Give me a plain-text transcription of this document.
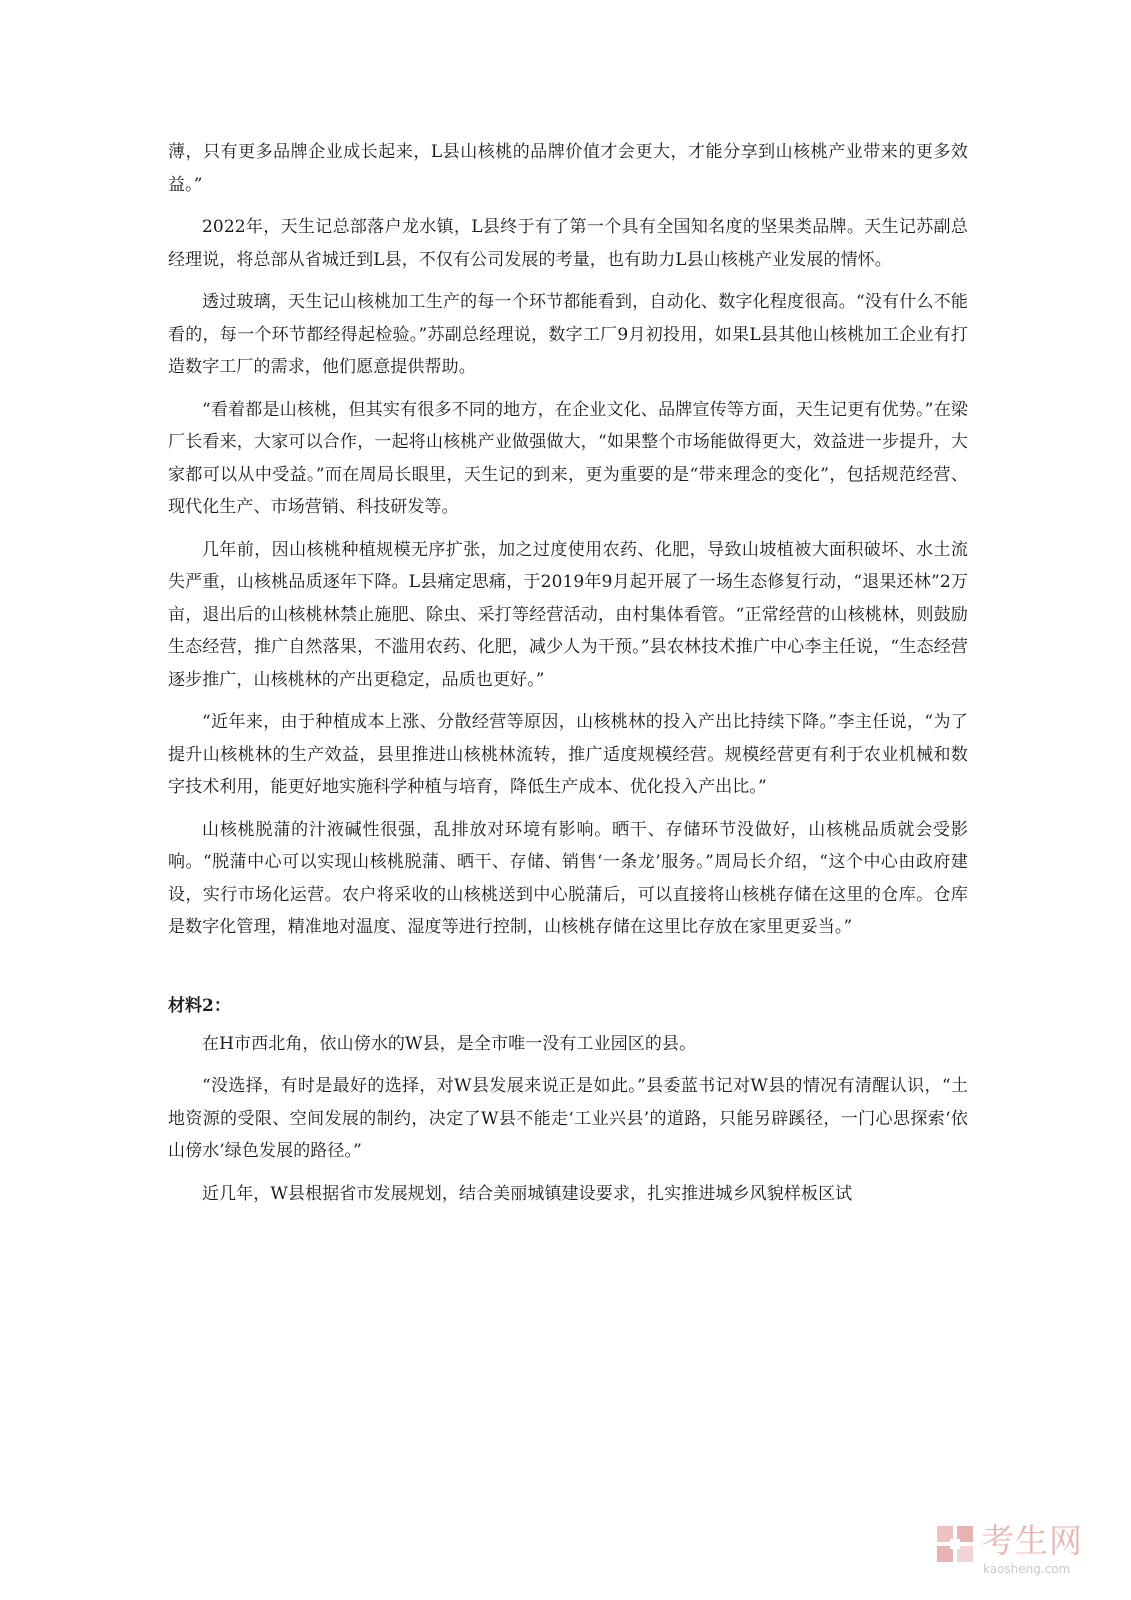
薄，只有更多品牌企业成长起来，L县山核桃的品牌价值才会更大，才能分享到山核桃产业带来的更多效益。”

2022年，天生记总部落户龙水镇，L县终于有了第一个具有全国知名度的坚果类品牌。天生记苏副总经理说，将总部从省城迁到L县，不仅有公司发展的考量，也有助力L县山核桃产业发展的情怀。

透过玻璃，天生记山核桃加工生产的每一个环节都能看到，自动化、数字化程度很高。“没有什么不能看的，每一个环节都经得起检验。”苏副总经理说，数字工厂9月初投用，如果L县其他山核桃加工企业有打造数字工厂的需求，他们愿意提供帮助。

“看着都是山核桃，但其实有很多不同的地方，在企业文化、品牌宣传等方面，天生记更有优势。”在梁厂长看来，大家可以合作，一起将山核桃产业做强做大，“如果整个市场能做得更大，效益进一步提升，大家都可以从中受益。”而在周局长眼里，天生记的到来，更为重要的是“带来理念的变化”，包括规范经营、现代化生产、市场营销、科技研发等。

几年前，因山核桃种植规模无序扩张，加之过度使用农药、化肥，导致山坡植被大面积破坏、水土流失严重，山核桃品质逐年下降。L县痛定思痛，于2019年9月起开展了一场生态修复行动，“退果还林”2万亩，退出后的山核桃林禁止施肥、除虫、采打等经营活动，由村集体看管。“正常经营的山核桃林，则鼓励生态经营，推广自然落果，不滥用农药、化肥，减少人为干预。”县农林技术推广中心李主任说，“生态经营逐步推广，山核桃林的产出更稳定，品质也更好。”

“近年来，由于种植成本上涨、分散经营等原因，山核桃林的投入产出比持续下降。”李主任说，“为了提升山核桃林的生产效益，县里推进山核桃林流转，推广适度规模经营。规模经营更有利于农业机械和数字技术利用，能更好地实施科学种植与培育，降低生产成本、优化投入产出比。”

山核桃脱蒲的汁液碱性很强，乱排放对环境有影响。晒干、存储环节没做好，山核桃品质就会受影响。“脱蒲中心可以实现山核桃脱蒲、晒干、存储、销售‘一条龙’服务。”周局长介绍，“这个中心由政府建设，实行市场化运营。农户将采收的山核桃送到中心脱蒲后，可以直接将山核桃存储在这里的仓库。仓库是数字化管理，精准地对温度、湿度等进行控制，山核桃存储在这里比存放在家里更妥当。”

材料2：

在H市西北角，依山傍水的W县，是全市唯一没有工业园区的县。

“没选择，有时是最好的选择，对W县发展来说正是如此。”县委蓝书记对W县的情况有清醒认识，“土地资源的受限、空间发展的制约，决定了W县不能走‘工业兴县’的道路，只能另辟蹊径，一门心思探索‘依山傍水’绿色发展的路径。”

近几年，W县根据省市发展规划，结合美丽城镇建设要求，扎实推进城乡风貌样板区试

考生网
kaosheng.com
